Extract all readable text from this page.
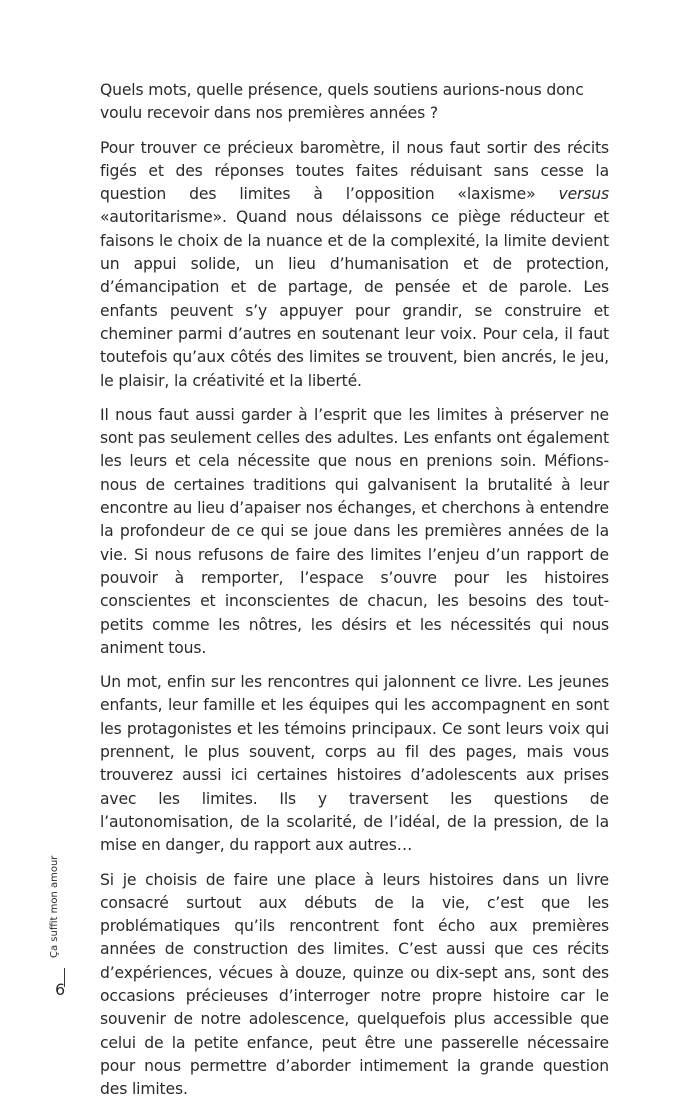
Quels mots, quelle présence, quels soutiens aurions-nous donc voulu recevoir dans nos premières années ?

Pour trouver ce précieux baromètre, il nous faut sortir des récits figés et des réponses toutes faites réduisant sans cesse la question des limites à l’opposition «laxisme» versus «autoritarisme». Quand nous délaissons ce piège réducteur et faisons le choix de la nuance et de la complexité, la limite devient un appui solide, un lieu d’humanisation et de protection, d’émancipation et de partage, de pensée et de parole. Les enfants peuvent s’y appuyer pour grandir, se construire et cheminer parmi d’autres en soutenant leur voix. Pour cela, il faut toutefois qu’aux côtés des limites se trouvent, bien ancrés, le jeu, le plaisir, la créativité et la liberté.

Il nous faut aussi garder à l’esprit que les limites à préserver ne sont pas seulement celles des adultes. Les enfants ont également les leurs et cela nécessite que nous en prenions soin. Méfions-nous de certaines traditions qui galvanisent la brutalité à leur encontre au lieu d’apaiser nos échanges, et cherchons à entendre la profondeur de ce qui se joue dans les premières années de la vie. Si nous refusons de faire des limites l’enjeu d’un rapport de pouvoir à remporter, l’espace s’ouvre pour les histoires conscientes et inconscientes de chacun, les besoins des tout-petits comme les nôtres, les désirs et les nécessités qui nous animent tous.

Un mot, enfin sur les rencontres qui jalonnent ce livre. Les jeunes enfants, leur famille et les équipes qui les accompagnent en sont les protagonistes et les témoins principaux. Ce sont leurs voix qui prennent, le plus souvent, corps au fil des pages, mais vous trouverez aussi ici certaines histoires d’adolescents aux prises avec les limites. Ils y traversent les questions de l’autonomisation, de la scolarité, de l’idéal, de la pression, de la mise en danger, du rapport aux autres…

Si je choisis de faire une place à leurs histoires dans un livre consacré surtout aux débuts de la vie, c’est que les problématiques qu’ils rencontrent font écho aux premières années de construction des limites. C’est aussi que ces récits d’expériences, vécues à douze, quinze ou dix-sept ans, sont des occasions précieuses d’interroger notre propre histoire car le souvenir de notre adolescence, quelquefois plus accessible que celui de la petite enfance, peut être une passerelle nécessaire pour nous permettre d’aborder intimement la grande question des limites.

Ça suffit mon amour
6
